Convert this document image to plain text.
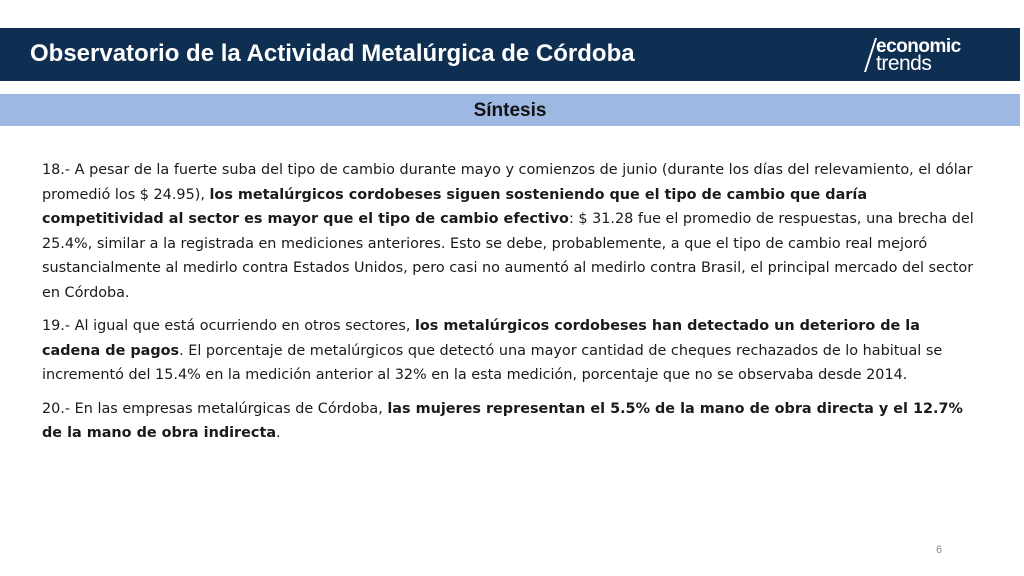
Observatorio de la Actividad Metalúrgica de Córdoba	economic
trends
Síntesis

18.- A pesar de la fuerte suba del tipo de cambio durante mayo y comienzos de junio (durante los días del relevamiento, el dólar promedió los $ 24.95), los metalúrgicos cordobeses siguen sosteniendo que el tipo de cambio que daría competitividad al sector es mayor que el tipo de cambio efectivo: $ 31.28 fue el promedio de respuestas, una brecha del 25.4%, similar a la registrada en mediciones anteriores. Esto se debe, probablemente, a que el tipo de cambio real mejoró sustancialmente al medirlo contra Estados Unidos, pero casi no aumentó al medirlo contra Brasil, el principal mercado del sector en Córdoba.

19.- Al igual que está ocurriendo en otros sectores, los metalúrgicos cordobeses han detectado un deterioro de la cadena de pagos. El porcentaje de metalúrgicos que detectó una mayor cantidad de cheques rechazados de lo habitual se incrementó del 15.4% en la medición anterior al 32% en la esta medición, porcentaje que no se observaba desde 2014.

20.- En las empresas metalúrgicas de Córdoba, las mujeres representan el 5.5% de la mano de obra directa y el 12.7% de la mano de obra indirecta.

6
